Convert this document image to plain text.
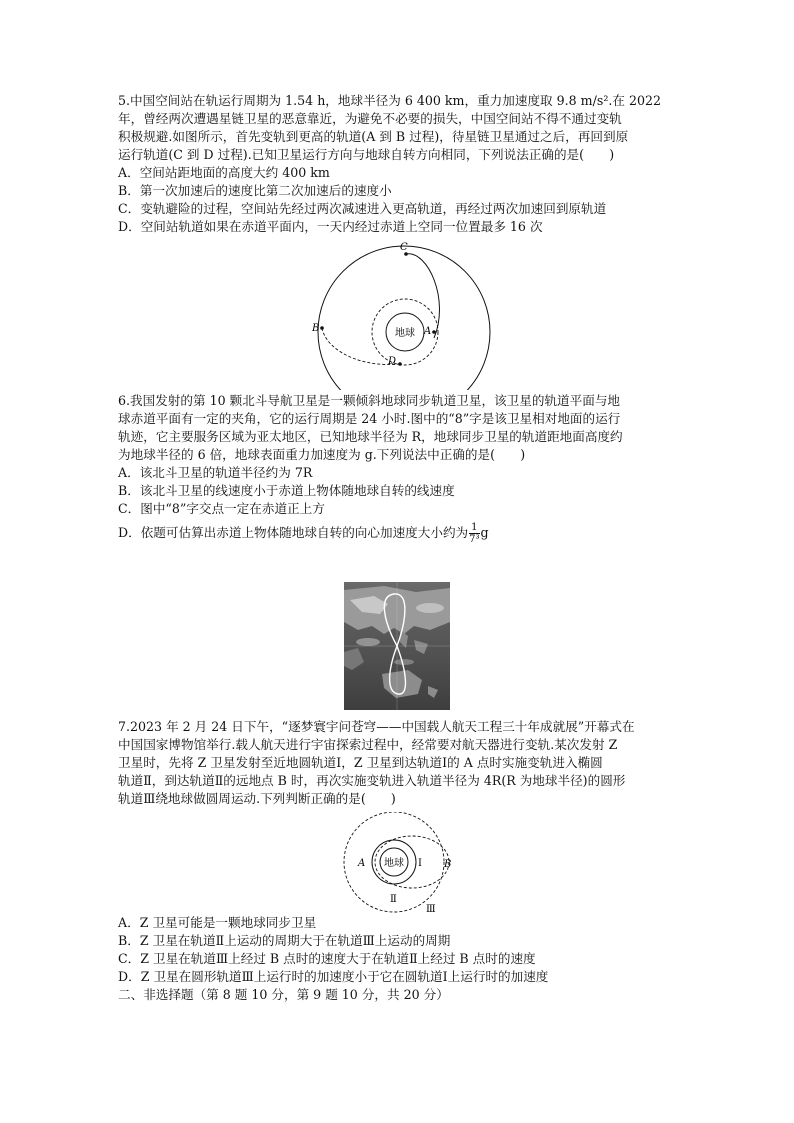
5.中国空间站在轨运行周期为 1.54 h，地球半径为 6 400 km，重力加速度取 9.8 m/s².在 2022

年，曾经两次遭遇星链卫星的恶意靠近，为避免不必要的损失，中国空间站不得不通过变轨

积极规避.如图所示，首先变轨到更高的轨道(A 到 B 过程)，待星链卫星通过之后，再回到原

运行轨道(C 到 D 过程).已知卫星运行方向与地球自转方向相同，下列说法正确的是(　　)

A．空间站距地面的高度大约 400 km

B．第一次加速后的速度比第二次加速后的速度小

C．变轨避险的过程，空间站先经过两次减速进入更高轨道，再经过两次加速回到原轨道

D．空间站轨道如果在赤道平面内，一天内经过赤道上空同一位置最多 16 次

地球
C
A
B
D

6.我国发射的第 10 颗北斗导航卫星是一颗倾斜地球同步轨道卫星，该卫星的轨道平面与地

球赤道平面有一定的夹角，它的运行周期是 24 小时.图中的“8”字是该卫星相对地面的运行

轨迹，它主要服务区域为亚太地区，已知地球半径为 R，地球同步卫星的轨道距地面高度约

为地球半径的 6 倍，地球表面重力加速度为 g.下列说法中正确的是(　　)

A．该北斗卫星的轨道半径约为 7R

B．该北斗卫星的线速度小于赤道上物体随地球自转的线速度

C．图中“8”字交点一定在赤道正上方

D．依题可估算出赤道上物体随地球自转的向心加速度大小约为 $\frac{1}{\text{7³}}$ g

7.2023 年 2 月 24 日下午，“逐梦寰宇问苍穹——中国载人航天工程三十年成就展”开幕式在

中国国家博物馆举行.载人航天进行宇宙探索过程中，经常要对航天器进行变轨.某次发射 Z

卫星时，先将 Z 卫星发射至近地圆轨道Ⅰ，Z 卫星到达轨道Ⅰ的 A 点时实施变轨进入椭圆

轨道Ⅱ，到达轨道Ⅱ的远地点 B 时，再次实施变轨进入轨道半径为 4R(R 为地球半径)的圆形

轨道Ⅲ绕地球做圆周运动.下列判断正确的是(　　)

地球
A	Ⅰ B
Ⅱ
Ⅲ

A．Z 卫星可能是一颗地球同步卫星

B．Z 卫星在轨道Ⅱ上运动的周期大于在轨道Ⅲ上运动的周期

C．Z 卫星在轨道Ⅲ上经过 B 点时的速度大于在轨道Ⅱ上经过 B 点时的速度

D．Z 卫星在圆形轨道Ⅲ上运行时的加速度小于它在圆轨道Ⅰ上运行时的加速度

二、非选择题（第 8 题 10 分，第 9 题 10 分，共 20 分）
